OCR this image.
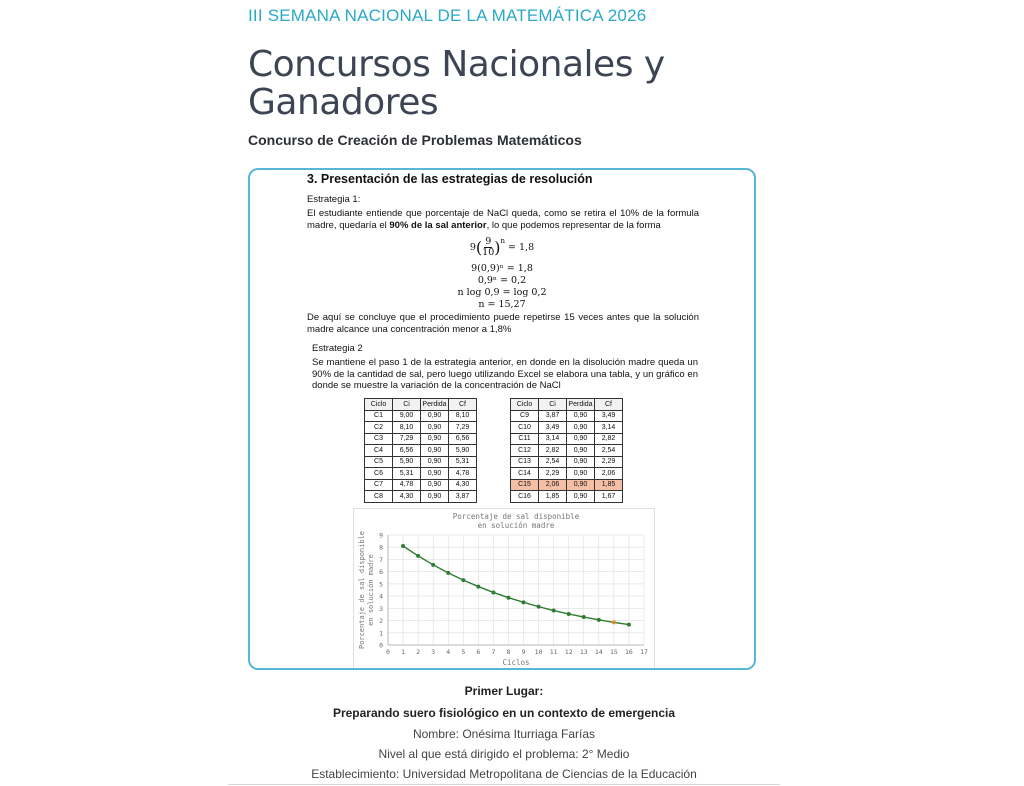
III SEMANA NACIONAL DE LA MATEMÁTICA 2026
Concursos Nacionales y
Ganadores
Concurso de Creación de Problemas Matemáticos
3. Presentación de las estrategias de resolución
Estrategia 1:
El estudiante entiende que porcentaje de NaCl queda, como se retira el 10% de la formula madre, quedaría el 90% de la sal anterior, lo que podemos representar de la forma
9 ( $\frac{9}{10} )^n$
= 1,8
9(0,9)ⁿ = 1,8
0,9ⁿ = 0,2
n log 0,9 = log 0,2
n = 15,27
De aquí se concluye que el procedimiento puede repetirse 15 veces antes que la solución madre alcance una concentración menor a 1,8%
Estrategia 2
Se mantiene el paso 1 de la estrategia anterior, en donde en la disolución madre queda un 90% de la cantidad de sal, pero luego utilizando Excel se elabora una tabla, y un gráfico en donde se muestre la variación de la concentración de NaCl
Ciclo	Ci	Perdida	Cf
C1	9,00	0,90	8,10
C2	8,10	0,90	7,29
C3	7,29	0,90	6,56
C4	6,56	0,90	5,90
C5	5,90	0,90	5,31
C6	5,31	0,90	4,78
C7	4,78	0,90	4,30
C8	4,30	0,90	3,87
Ciclo	Ci	Perdida	Cf
C9	3,87	0,90	3,49
C10	3,49	0,90	3,14
C11	3,14	0,90	2,82
C12	2,82	0,90	2,54
C13	2,54	0,90	2,29
C14	2,29	0,90	2,06
C15	2,06	0,90	1,85
C16	1,85	0,90	1,67
Porcentaje de sal disponible
en solución madre
0 1 2 3 4 5 6 7 8 9 10 11 12 13 14 15 16 17
0
1
2
3
4
5
6
7
8
9
Ciclos
Porcentaje de sal disponible en solución madre
Primer Lugar:
Preparando suero fisiológico en un contexto de emergencia
Nombre: Onésima Iturriaga Farías
Nivel al que está dirigido el problema: 2° Medio
Establecimiento: Universidad Metropolitana de Ciencias de la Educación
